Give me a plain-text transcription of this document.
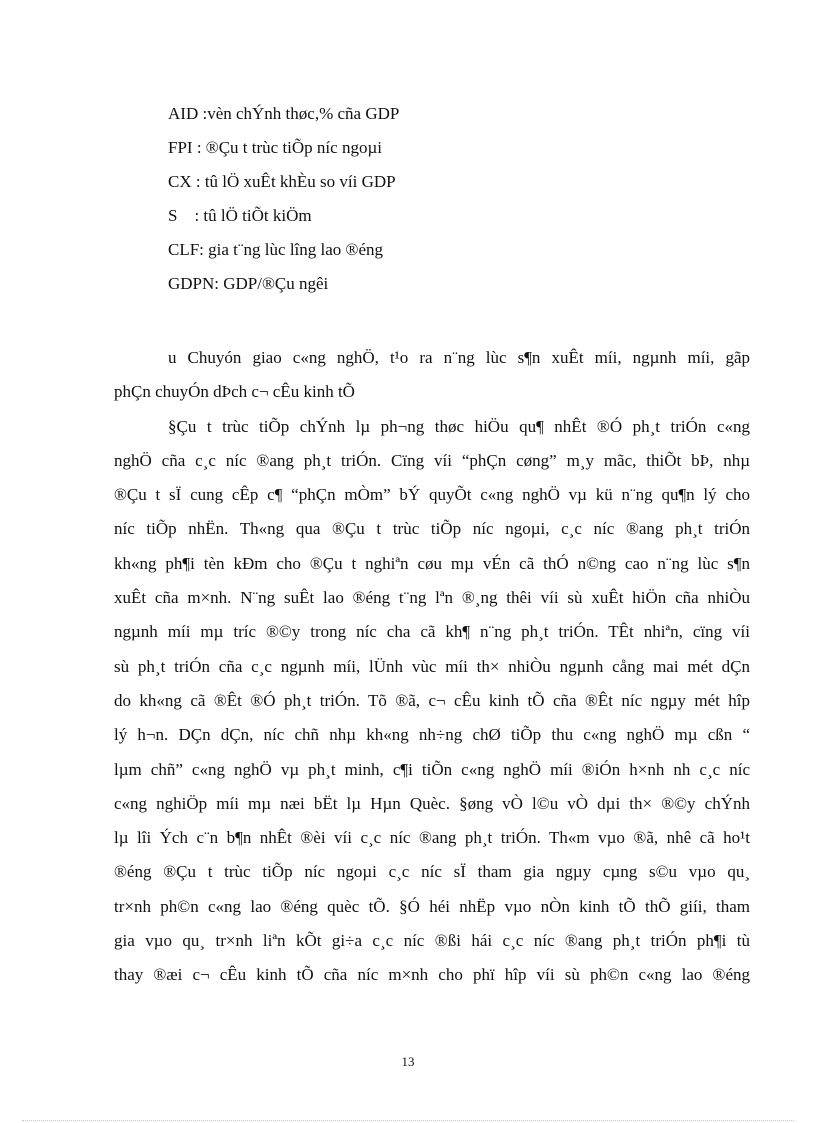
AID :vèn chÝnh thøc,% cña GDP
FPI : ®Çu t trùc tiÕp níc ngoµi
CX : tû lÖ xuÊt khÈu so víi GDP
S    : tû lÖ tiÕt kiÖm
CLF: gia t¨ng lùc lîng lao ®éng
GDPN: GDP/®Çu ngêi
u Chuyón giao c«ng nghÖ, t¹o ra n¨ng lùc s¶n xuÊt míi, ngµnh míi, gãp
phÇn chuyÓn dÞch c¬ cÊu kinh tÕ
§Çu t trùc tiÕp chÝnh lµ ph¬ng thøc hiÖu qu¶ nhÊt ®Ó ph¸t triÓn c«ng
nghÖ cña c¸c níc ®ang ph¸t triÓn. Cïng víi “phÇn cøng” m¸y mãc, thiÕt bÞ, nhµ
®Çu t sÏ cung cÊp c¶ “phÇn mÒm” bÝ quyÕt c«ng nghÖ vµ kü n¨ng qu¶n lý cho
níc tiÕp nhËn. Th«ng qua ®Çu t trùc tiÕp níc ngoµi, c¸c níc ®ang ph¸t triÓn
kh«ng ph¶i tèn kÐm cho ®Çu t nghiªn cøu mµ vÉn cã thÓ n©ng cao n¨ng lùc s¶n
xuÊt cña m×nh. N¨ng suÊt lao ®éng t¨ng lªn ®¸ng thêi víi sù xuÊt hiÖn cña nhiÒu
ngµnh míi mµ tríc ®©y trong níc cha cã kh¶ n¨ng ph¸t triÓn. TÊt nhiªn, cïng víi
sù ph¸t triÓn cña c¸c ngµnh míi, lÜnh vùc míi th× nhiÒu ngµnh cång mai mét dÇn
do kh«ng cã ®Êt ®Ó ph¸t triÓn. Tõ ®ã, c¬ cÊu kinh tÕ cña ®Êt níc ngµy mét hîp
lý h¬n. DÇn dÇn, níc chñ nhµ kh«ng nh÷ng chØ tiÕp thu c«ng nghÖ mµ cßn “
lµm chñ” c«ng nghÖ vµ ph¸t minh, c¶i tiÕn c«ng nghÖ míi ®iÓn h×nh nh c¸c níc
c«ng nghiÖp míi mµ næi bËt lµ Hµn Quèc. §øng vÒ l©u vÒ dµi th× ®©y chÝnh
lµ lîi Ých c¨n b¶n nhÊt ®èi víi c¸c níc ®ang ph¸t triÓn. Th«m vµo ®ã, nhê cã ho¹t
®éng ®Çu t trùc tiÕp níc ngoµi c¸c níc sÏ tham gia ngµy cµng s©u vµo qu¸
tr×nh ph©n c«ng lao ®éng quèc tÕ. §Ó héi nhËp vµo nÒn kinh tÕ thÕ giíi, tham
gia vµo qu¸ tr×nh liªn kÕt gi÷a c¸c níc ®ßi hái c¸c níc ®ang ph¸t triÓn ph¶i tù
thay ®æi c¬ cÊu kinh tÕ cña níc m×nh cho phï hîp víi sù ph©n c«ng lao ®éng
13
